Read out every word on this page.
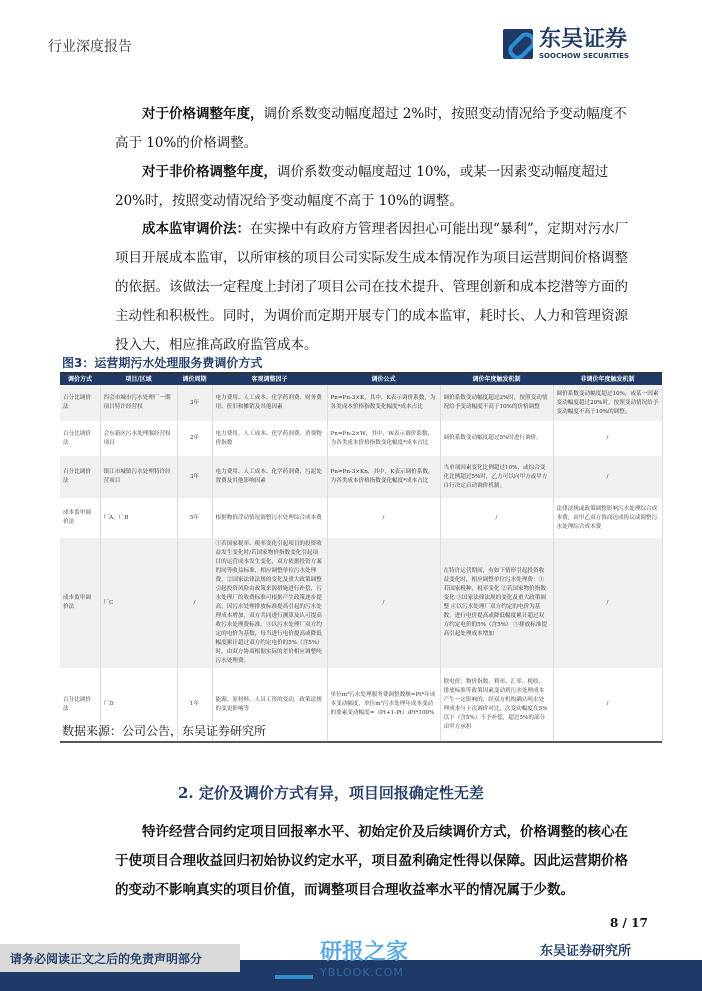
行业深度报告	东吴证券
SOOCHOW SECURITIES
对于价格调整年度，调价系数变动幅度超过 2%时，按照变动情况给予变动幅度不高于 10%的价格调整。
对于非价格调整年度，调价系数变动幅度超过 10%，或某一因素变动幅度超过 20%时，按照变动情况给予变动幅度不高于 10%的调整。
成本监审调价法：在实操中有政府方管理者因担心可能出现“暴利”，定期对污水厂项目开展成本监审，以所审核的项目公司实际发生成本情况作为项目运营期间价格调整的依据。该做法一定程度上封闭了项目公司在技术提升、管理创新和成本挖潜等方面的主动性和积极性。同时，为调价而定期开展专门的成本监审，耗时长、人力和管理资源投入大，相应推高政府监管成本。
图3：运营期污水处理服务费调价方式
调价方式	项目/区域	调价周期	客观调整因子	调价公式	调价年度触发机制	非调价年度触发机制
百分比调价法	四会市城市污水处理厂一期项目特许经营权	3年	电力费用、人工成本、化学药剂费、财务费用、折旧和摊销及其他因素	Pn=Pn-3×K，其中，K表示调价系数，为各类成本价格指数变化幅度*成本占比	调价系数变动幅度超过2%时，按照变动情况给予变动幅度不高于10%的价格调整	调价系数变动幅度超过10%，或某一因素变动幅度超过20%时，按照变动情况给予变动幅度不高于10%的调整。
百分比调价法	会东新区污水处理服经营权项目	2年	电力费用、人工成本、化学药剂费、消费物价指数	Pn=Pn-2×W，其中，W表示调价系数，为各类成本价格指数变化幅度*成本占比	调价系数变动幅度超过5%时进行调价。	/
百分比调价法	镇江市城镇污水处理特许经营项目	3年	电力费用、人工成本、化学药剂费、污泥处置费及其他影响因素	Pn=Pn-3×Kn，其中，K表示调价系数，为各类成本价格指数变化幅度*成本占比	当单项因素变化比例超过10%，或综合变化比例超过5%时，乙方可以向甲方或甲方自行决定启动调价机制。	/
成本监审调价法	厂A、厂B	5年	根据物价浮动情况调整污水处理综合成本费	/	/	法律法规或政策调整影响污水处理综合成本费，由甲乙双方协商达成协议或调整污水处理综合成本费
成本监审调价法	厂C	/	①若国家税率、税率变化引起项目的投资收益发生变化时/若国家物价指数变化引起项目的运营成本发生变化，双方依据投资方案的同等收益标准，相应调整单位污水处理费。②国家法律法规的变化及重大政策调整引起投资风险由政策来源措施进行补偿，污水处理厂的收费标准可根据产生政策逐步提高，因污水处理排放标准提高引起的污水处理成本增加，双方共同进行测算及认可提高收污水处理费标准。③以污水处理厂双方约定的电价为基数，每当进行电价提高或降低幅度累计超过双方约定电价的5%（含5%）时，由双方协商根据实际的差价相应调整吨污水处理费。	/	在特许运营期间，有如下情形引起投资收益变化时，相应调整单位污水处理费：①若国家税种、税率变化 ②若国家物价指数变化 ③国家法律法规的变化及重大政策调整 ④以污水处理厂双方约定的电价为基数，进行电价提高或降低幅度累计超过双方约定电价的5%（含5%） ⑤排放标准提高引起处理成本增加	/
百分比调价法	厂D	1年	能源、原材料、人员工资的变动，政策法规的变更影响等	单位m³污水处理服务费调整数额=Pt*年成本变动幅度，单位m³污水处理年成本变动的要素变动幅度=（Pt+1-Pt）/Pt*100%	除电价、物价指数、利率、汇率、税收、排放标准等政策因素变动到污水处理成本产生一定影响的，经双方机构确认吨水处理成本与上次调价对比，次变动幅度在5%以下（含5%）不予补偿，超过5%的部分由甲方承担	/
数据来源：公司公告，东吴证券研究所
2. 定价及调价方式有异，项目回报确定性无差
特许经营合同约定项目回报率水平、初始定价及后续调价方式，价格调整的核心在于使项目合理收益回归初始协议约定水平，项目盈利确定性得以保障。因此运营期价格的变动不影响真实的项目价值，而调整项目合理收益率水平的情况属于少数。
8 / 17
东吴证券研究所
请务必阅读正文之后的免责声明部分	研报之家
YBLOOK.COM
